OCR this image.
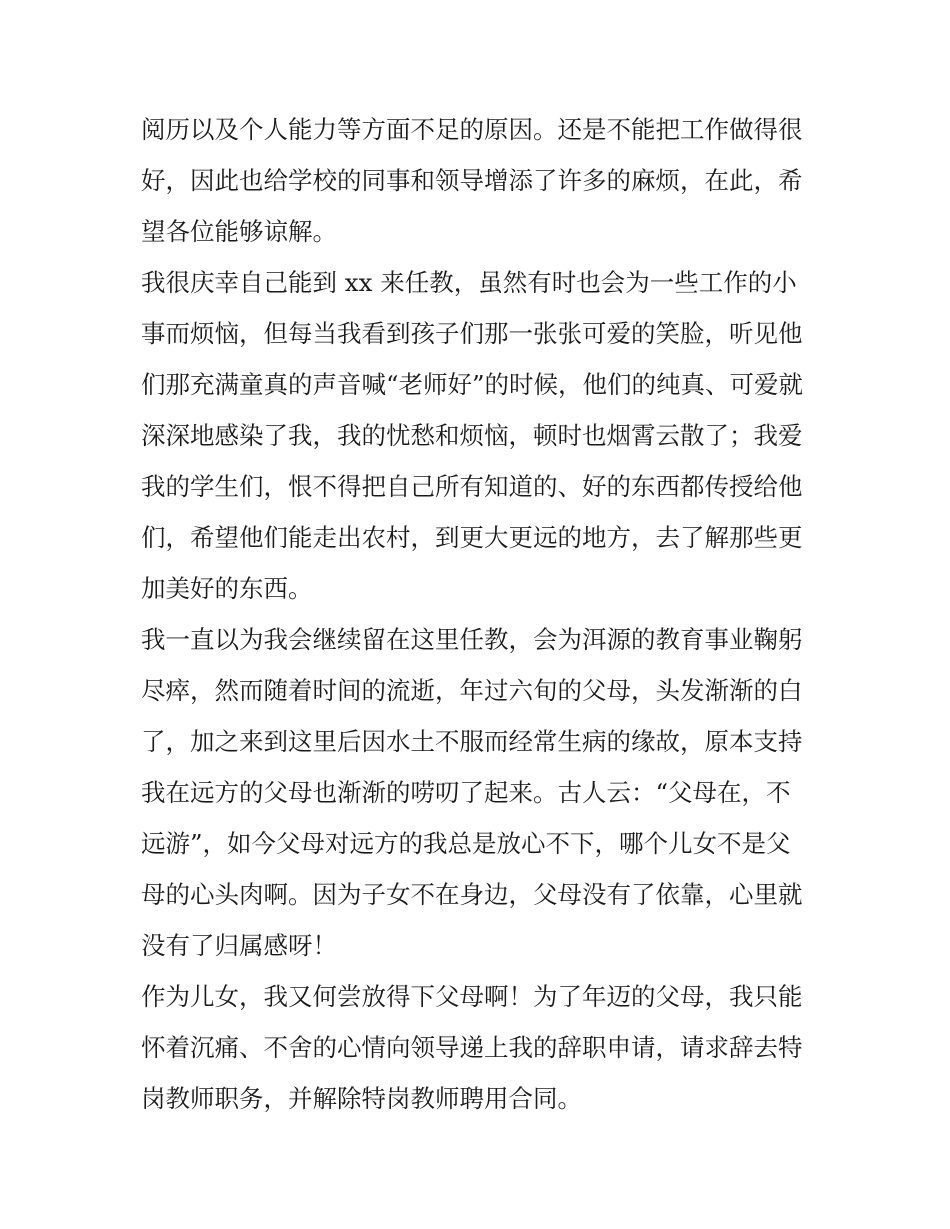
阅历以及个人能力等方面不足的原因。还是不能把工作做得很
好，因此也给学校的同事和领导增添了许多的麻烦，在此，希
望各位能够谅解。
我很庆幸自己能到 xx 来任教，虽然有时也会为一些工作的小
事而烦恼，但每当我看到孩子们那一张张可爱的笑脸，听见他
们那充满童真的声音喊“老师好”的时候，他们的纯真、可爱就
深深地感染了我，我的忧愁和烦恼，顿时也烟霄云散了；我爱
我的学生们，恨不得把自己所有知道的、好的东西都传授给他
们，希望他们能走出农村，到更大更远的地方，去了解那些更
加美好的东西。
我一直以为我会继续留在这里任教，会为洱源的教育事业鞠躬
尽瘁，然而随着时间的流逝，年过六旬的父母，头发渐渐的白
了，加之来到这里后因水土不服而经常生病的缘故，原本支持
我在远方的父母也渐渐的唠叨了起来。古人云：“父母在，不
远游”，如今父母对远方的我总是放心不下，哪个儿女不是父
母的心头肉啊。因为子女不在身边，父母没有了依靠，心里就
没有了归属感呀！
作为儿女，我又何尝放得下父母啊！为了年迈的父母，我只能
怀着沉痛、不舍的心情向领导递上我的辞职申请，请求辞去特
岗教师职务，并解除特岗教师聘用合同。
